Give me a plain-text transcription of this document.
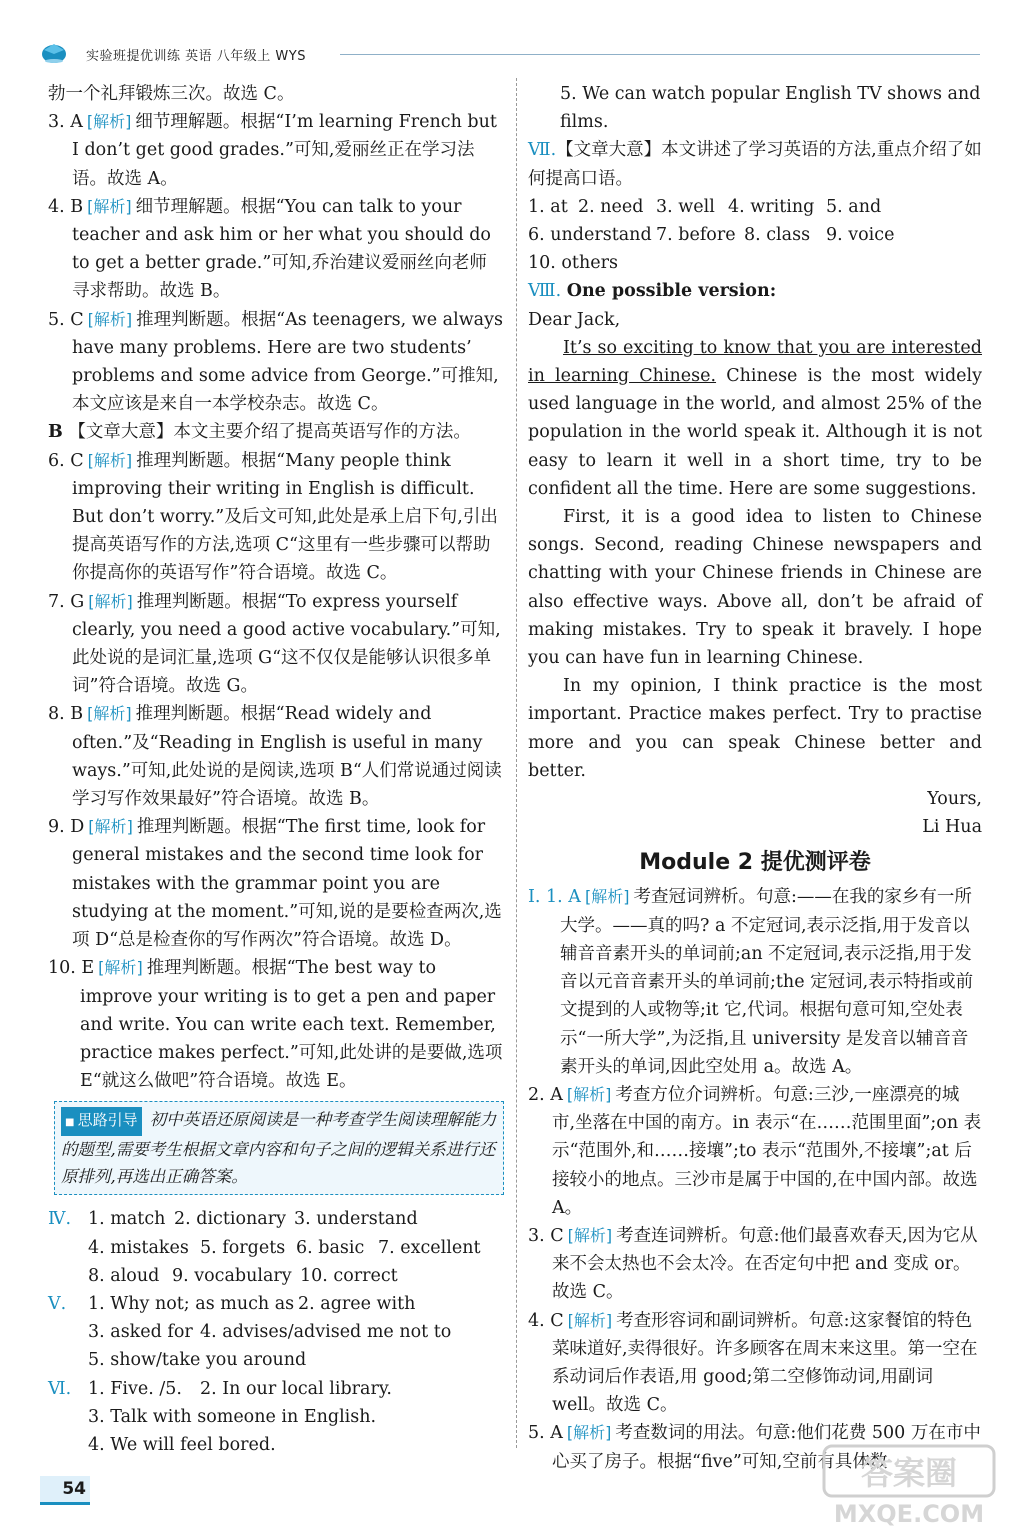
实验班提优训练 英语 八年级上 WYS

勃一个礼拜锻炼三次。故选 C。

3. A [ 解析 ] 细节理解题。根据“I’m learning French but I don’t get good grades.”可知,爱丽丝正在学习法语。故选 A。

4. B [ 解析 ] 细节理解题。根据“You can talk to your teacher and ask him or her what you should do to get a better grade.”可知,乔治建议爱丽丝向老师寻求帮助。故选 B。

5. C [ 解析 ] 推理判断题。根据“As teenagers, we always have many problems. Here are two students’ problems and some advice from George.”可推知,本文应该是来自一本学校杂志。故选 C。

B 【文章大意】本文主要介绍了提高英语写作的方法。

6. C [ 解析 ] 推理判断题。根据“Many people think improving their writing in English is difficult. But don’t worry.”及后文可知,此处是承上启下句,引出提高英语写作的方法,选项 C“这里有一些步骤可以帮助你提高你的英语写作”符合语境。故选 C。

7. G [ 解析 ] 推理判断题。根据“To express yourself clearly, you need a good active vocabulary.”可知,此处说的是词汇量,选项 G“这不仅仅是能够认识很多单词”符合语境。故选 G。

8. B [ 解析 ] 推理判断题。根据“Read widely and often.”及“Reading in English is useful in many ways.”可知,此处说的是阅读,选项 B“人们常说通过阅读学习写作效果最好”符合语境。故选 B。

9. D [ 解析 ] 推理判断题。根据“The first time, look for general mistakes and the second time look for mistakes with the grammar point you are studying at the moment.”可知,说的是要检查两次,选项 D“总是检查你的写作两次”符合语境。故选 D。

10. E [ 解析 ] 推理判断题。根据“The best way to improve your writing is to get a pen and paper and write. You can write each text. Remember, practice makes perfect.”可知,此处讲的是要做,选项 E“就这么做吧”符合语境。故选 E。

■ 思路引导 初中英语还原阅读是一种考查学生阅读理解能力的题型,需要考生根据文章内容和句子之间的逻辑关系进行还原排列,再选出正确答案。
Ⅳ. 1. match 2. dictionary 3. understand
4. mistakes 5. forgets 6. basic 7. excellent
8. aloud 9. vocabulary 10. correct
Ⅴ.	1. Why not; as much as 2. agree with
3. asked for 4. advises/advised me not to
5. show/take you around
Ⅵ. 1. Five. /5.	2. In our local library.
3. Talk with someone in English.
4. We will feel bored.

5. We can watch popular English TV shows and films.

Ⅶ.【文章大意】本文讲述了学习英语的方法,重点介绍了如何提高口语。

1. at 2. need 3. well 4. writing 5. and
6. understand 7. before 8. class 9. voice
10. others

Ⅷ. One possible version:

Dear Jack,

It’s so exciting to know that you are interested in learning Chinese. Chinese is the most widely used language in the world, and almost 25% of the population in the world speak it. Although it is not easy to learn it well in a short time, try to be confident all the time. Here are some suggestions.

First, it is a good idea to listen to Chinese songs. Second, reading Chinese newspapers and chatting with your Chinese friends in Chinese are also effective ways. Above all, don’t be afraid of making mistakes. Try to speak it bravely. I hope you can have fun in learning Chinese.

In my opinion, I think practice is the most important. Practice makes perfect. Try to practise more and you can speak Chinese better and better.

Yours,

Li Hua

Module 2 提优测评卷

Ⅰ. 1. A [ 解析 ] 考查冠词辨析。句意:——在我的家乡有一所大学。——真的吗? a 不定冠词,表示泛指,用于发音以辅音音素开头的单词前;an 不定冠词,表示泛指,用于发音以元音音素开头的单词前;the 定冠词,表示特指或前文提到的人或物等;it 它,代词。根据句意可知,空处表示“一所大学”,为泛指,且 university 是发音以辅音音素开头的单词,因此空处用 a。故选 A。

2. A [ 解析 ] 考查方位介词辨析。句意:三沙,一座漂亮的城市,坐落在中国的南方。in 表示“在……范围里面”;on 表示“范围外,和……接壤”;to 表示“范围外,不接壤”;at 后接较小的地点。三沙市是属于中国的,在中国内部。故选 A。

3. C [ 解析 ] 考查连词辨析。句意:他们最喜欢春天,因为它从来不会太热也不会太冷。在否定句中把 and 变成 or。故选 C。

4. C [ 解析 ] 考查形容词和副词辨析。句意:这家餐馆的特色菜味道好,卖得很好。许多顾客在周末来这里。第一空在系动词后作表语,用 good;第二空修饰动词,用副词 well。故选 C。

5. A [ 解析 ] 考查数词的用法。句意:他们花费 500 万在市中心买了房子。根据“five”可知,空前有具体数

54	答案圈
MXQE.COM
